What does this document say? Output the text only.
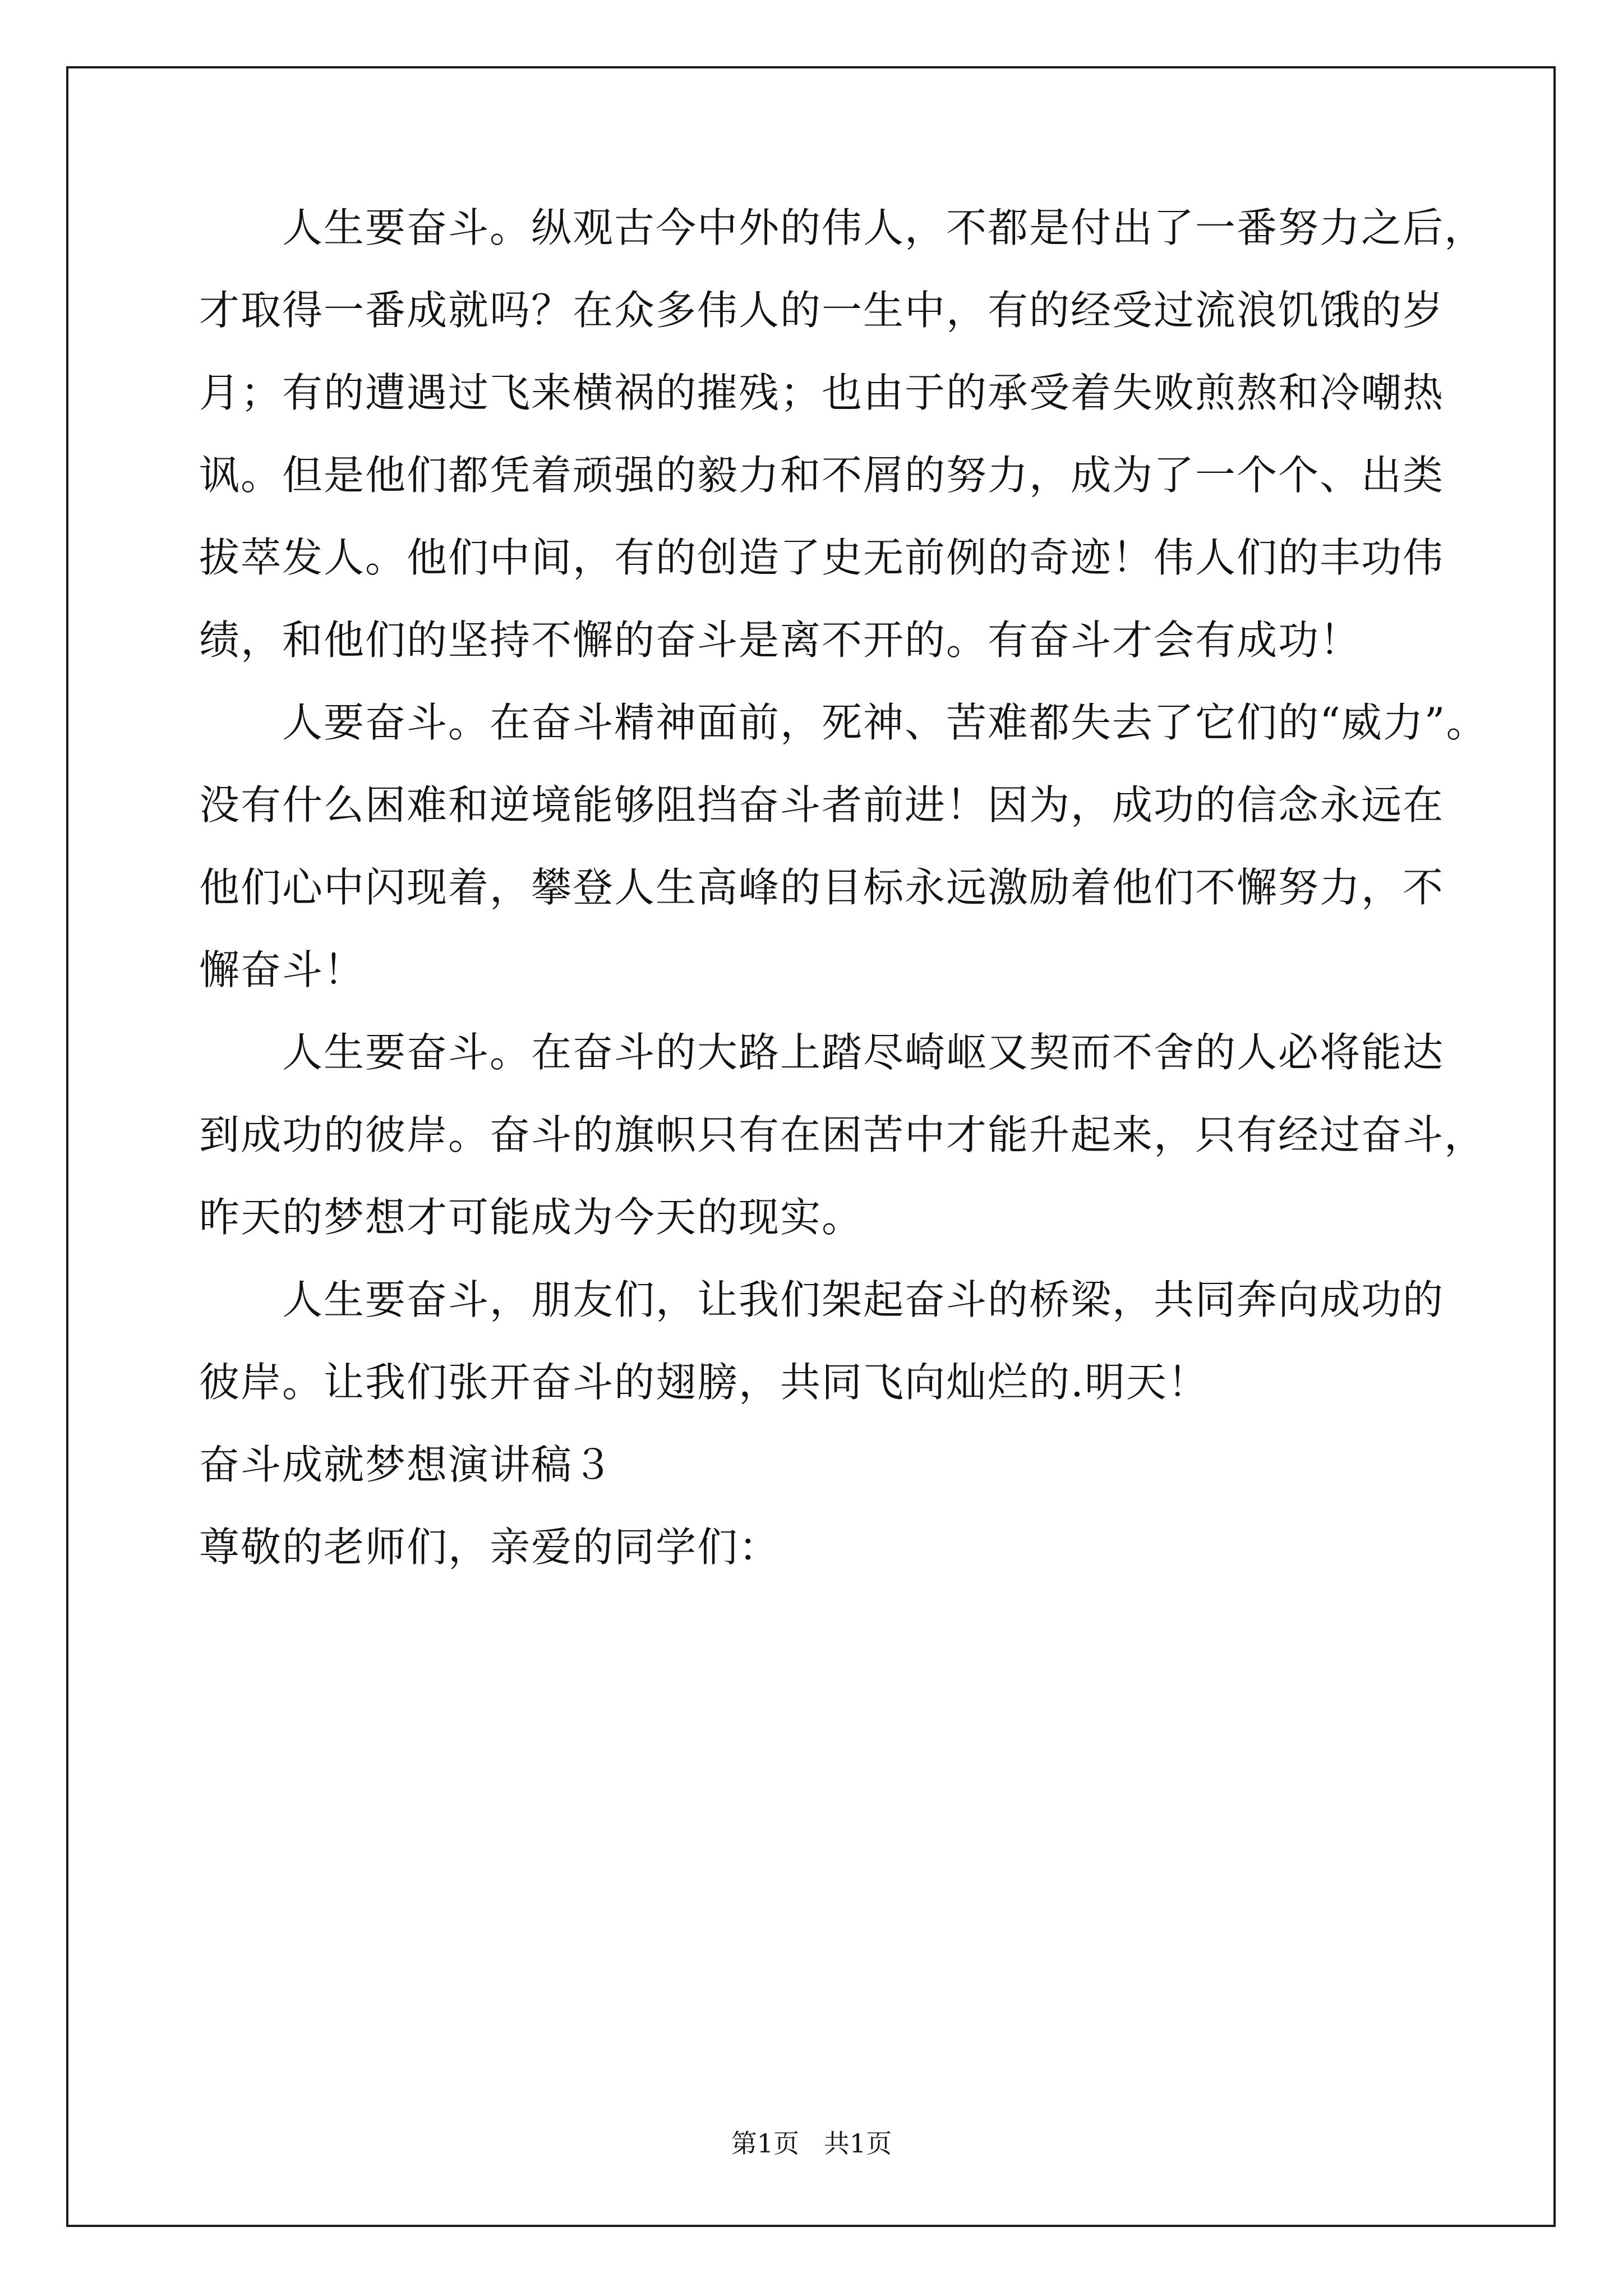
人生要奋斗。纵观古今中外的伟人，不都是付出了一番努力之后，
才取得一番成就吗？在众多伟人的一生中，有的经受过流浪饥饿的岁
月；有的遭遇过飞来横祸的摧残；也由于的承受着失败煎熬和冷嘲热
讽。但是他们都凭着顽强的毅力和不屑的努力，成为了一个个、出类
拔萃发人。他们中间，有的创造了史无前例的奇迹！伟人们的丰功伟
绩，和他们的坚持不懈的奋斗是离不开的。有奋斗才会有成功！
人要奋斗。在奋斗精神面前，死神、苦难都失去了它们的“威力”。
没有什么困难和逆境能够阻挡奋斗者前进！因为，成功的信念永远在
他们心中闪现着，攀登人生高峰的目标永远激励着他们不懈努力，不
懈奋斗！
人生要奋斗。在奋斗的大路上踏尽崎岖又契而不舍的人必将能达
到成功的彼岸。奋斗的旗帜只有在困苦中才能升起来，只有经过奋斗，
昨天的梦想才可能成为今天的现实。
人生要奋斗，朋友们，让我们架起奋斗的桥梁，共同奔向成功的
彼岸。让我们张开奋斗的翅膀，共同飞向灿烂的.明天！
奋斗成就梦想演讲稿３
尊敬的老师们，亲爱的同学们：
第1页   共1页
